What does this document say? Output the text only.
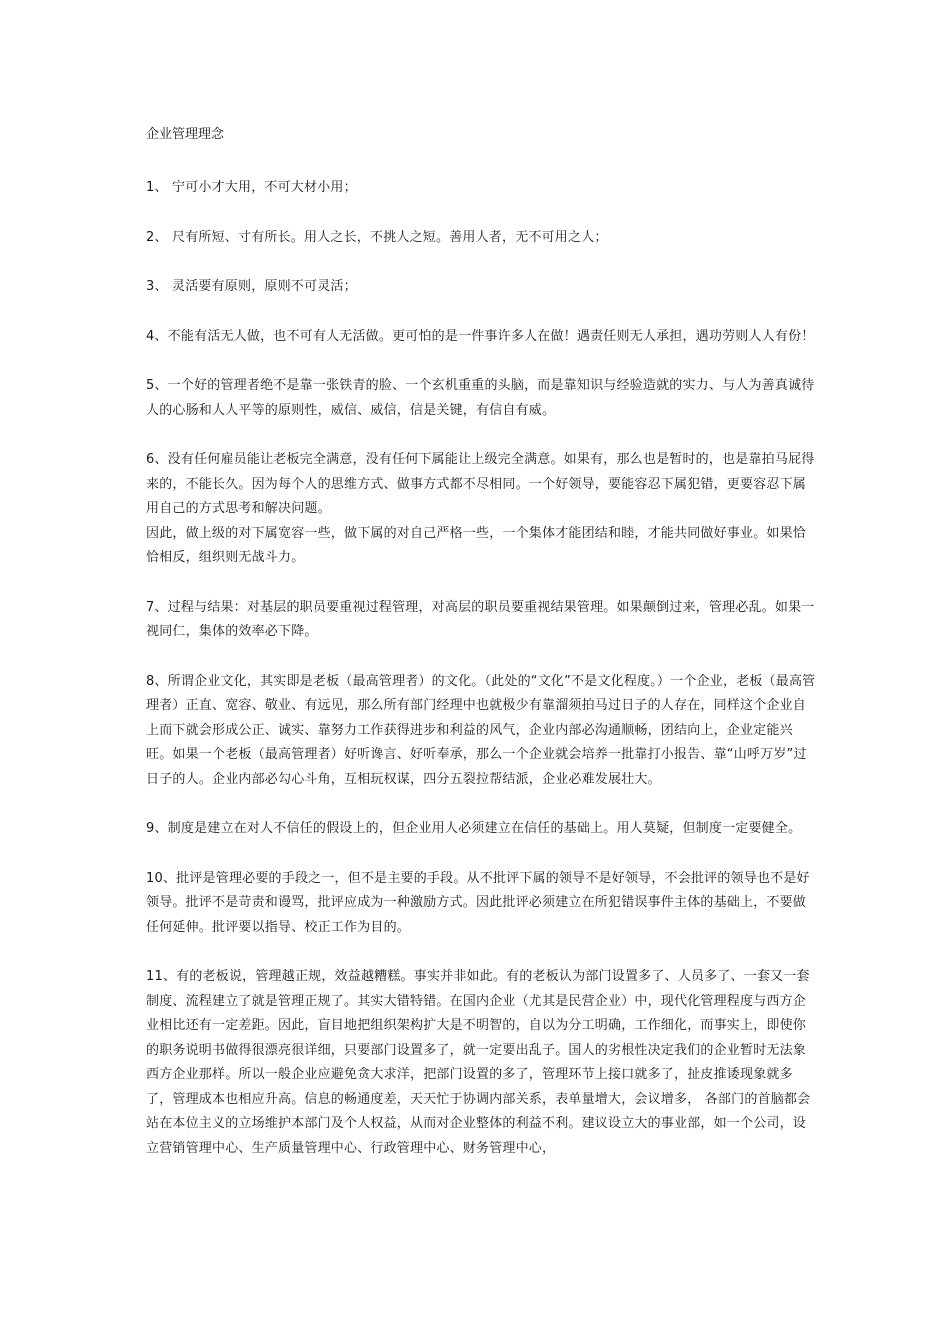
企业管理理念

1、 宁可小才大用，不可大材小用；

2、 尺有所短、寸有所长。用人之长，不挑人之短。善用人者，无不可用之人；

3、 灵活要有原则，原则不可灵活；

4、不能有活无人做，也不可有人无活做。更可怕的是一件事许多人在做！遇责任则无人承担，遇功劳则人人有份！

5、一个好的管理者绝不是靠一张铁青的脸、一个玄机重重的头脑，而是靠知识与经验造就的实力、与人为善真诚待人的心肠和人人平等的原则性，威信、威信，信是关键，有信自有威。

6、没有任何雇员能让老板完全满意，没有任何下属能让上级完全满意。如果有，那么也是暂时的，也是靠拍马屁得来的，不能长久。因为每个人的思维方式、做事方式都不尽相同。一个好领导，要能容忍下属犯错，更要容忍下属用自己的方式思考和解决问题。

因此，做上级的对下属宽容一些，做下属的对自己严格一些，一个集体才能团结和睦，才能共同做好事业。如果恰恰相反，组织则无战斗力。

7、过程与结果：对基层的职员要重视过程管理，对高层的职员要重视结果管理。如果颠倒过来，管理必乱。如果一视同仁，集体的效率必下降。

8、所谓企业文化，其实即是老板（最高管理者）的文化。（此处的“文化”不是文化程度。）一个企业，老板（最高管理者）正直、宽容、敬业、有远见，那么所有部门经理中也就极少有靠溜须拍马过日子的人存在，同样这个企业自上而下就会形成公正、诚实、靠努力工作获得进步和利益的风气，企业内部必沟通顺畅，团结向上，企业定能兴旺。如果一个老板（最高管理者）好听谗言、好听奉承，那么一个企业就会培养一批靠打小报告、靠“山呼万岁”过日子的人。企业内部必勾心斗角，互相玩权谋，四分五裂拉帮结派，企业必难发展壮大。

9、制度是建立在对人不信任的假设上的，但企业用人必须建立在信任的基础上。用人莫疑，但制度一定要健全。

10、批评是管理必要的手段之一，但不是主要的手段。从不批评下属的领导不是好领导，不会批评的领导也不是好领导。批评不是苛责和谩骂，批评应成为一种激励方式。因此批评必须建立在所犯错误事件主体的基础上，不要做任何延伸。批评要以指导、校正工作为目的。

11、有的老板说，管理越正规，效益越糟糕。事实并非如此。有的老板认为部门设置多了、人员多了、一套又一套制度、流程建立了就是管理正规了。其实大错特错。在国内企业（尤其是民营企业）中，现代化管理程度与西方企业相比还有一定差距。因此，盲目地把组织架构扩大是不明智的，自以为分工明确，工作细化，而事实上，即使你的职务说明书做得很漂亮很详细，只要部门设置多了，就一定要出乱子。国人的劣根性决定我们的企业暂时无法象西方企业那样。所以一般企业应避免贪大求洋，把部门设置的多了，管理环节上接口就多了，扯皮推诿现象就多了，管理成本也相应升高。信息的畅通度差，天天忙于协调内部关系，表单量增大，会议增多， 各部门的首脑都会站在本位主义的立场维护本部门及个人权益，从而对企业整体的利益不利。建议设立大的事业部，如一个公司，设立营销管理中心、生产质量管理中心、行政管理中心、财务管理中心，
